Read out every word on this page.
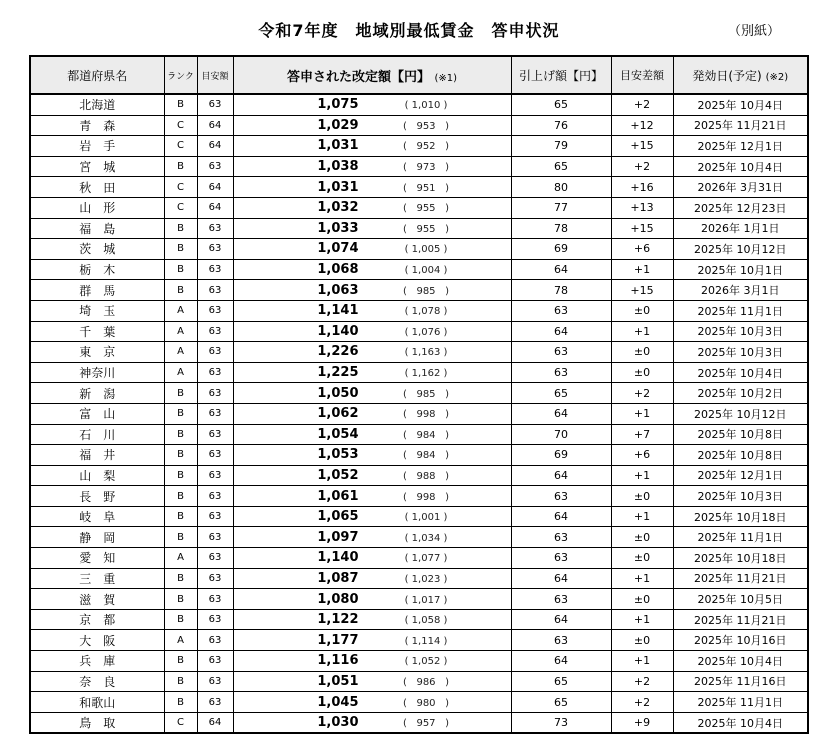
令和7年度　地域別最低賃金　答申状況	（別紙）
都道府県名	ランク	目安額	答申された改定額【円】 (※1)	引上げ額【円】	目安差額	発効日(予定) (※2)
北海道	B	63	1,075 ( 1,010 )	65	+2	2025年 10月4日
青　森	C	64	1,029 (   953   )	76	+12	2025年 11月21日
岩　手	C	64	1,031 (   952   )	79	+15	2025年 12月1日
宮　城	B	63	1,038 (   973   )	65	+2	2025年 10月4日
秋　田	C	64	1,031 (   951   )	80	+16	2026年 3月31日
山　形	C	64	1,032 (   955   )	77	+13	2025年 12月23日
福　島	B	63	1,033 (   955   )	78	+15	2026年 1月1日
茨　城	B	63	1,074 ( 1,005 )	69	+6	2025年 10月12日
栃　木	B	63	1,068 ( 1,004 )	64	+1	2025年 10月1日
群　馬	B	63	1,063 (   985   )	78	+15	2026年 3月1日
埼　玉	A	63	1,141 ( 1,078 )	63	±0	2025年 11月1日
千　葉	A	63	1,140 ( 1,076 )	64	+1	2025年 10月3日
東　京	A	63	1,226 ( 1,163 )	63	±0	2025年 10月3日
神奈川	A	63	1,225 ( 1,162 )	63	±0	2025年 10月4日
新　潟	B	63	1,050 (   985   )	65	+2	2025年 10月2日
富　山	B	63	1,062 (   998   )	64	+1	2025年 10月12日
石　川	B	63	1,054 (   984   )	70	+7	2025年 10月8日
福　井	B	63	1,053 (   984   )	69	+6	2025年 10月8日
山　梨	B	63	1,052 (   988   )	64	+1	2025年 12月1日
長　野	B	63	1,061 (   998   )	63	±0	2025年 10月3日
岐　阜	B	63	1,065 ( 1,001 )	64	+1	2025年 10月18日
静　岡	B	63	1,097 ( 1,034 )	63	±0	2025年 11月1日
愛　知	A	63	1,140 ( 1,077 )	63	±0	2025年 10月18日
三　重	B	63	1,087 ( 1,023 )	64	+1	2025年 11月21日
滋　賀	B	63	1,080 ( 1,017 )	63	±0	2025年 10月5日
京　都	B	63	1,122 ( 1,058 )	64	+1	2025年 11月21日
大　阪	A	63	1,177 ( 1,114 )	63	±0	2025年 10月16日
兵　庫	B	63	1,116 ( 1,052 )	64	+1	2025年 10月4日
奈　良	B	63	1,051 (   986   )	65	+2	2025年 11月16日
和歌山	B	63	1,045 (   980   )	65	+2	2025年 11月1日
鳥　取	C	64	1,030 (   957   )	73	+9	2025年 10月4日
